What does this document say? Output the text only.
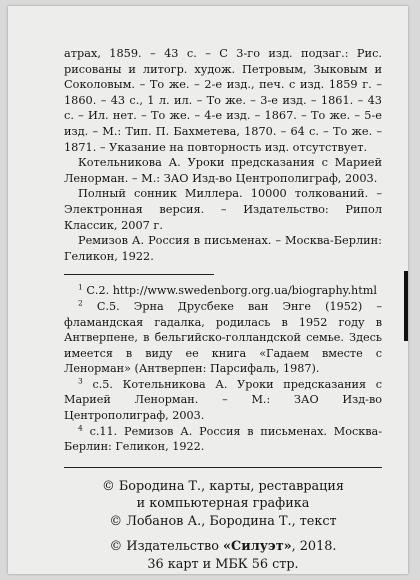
атрах, 1859. – 43 с. – С 3-го изд. подзаг.: Рис. рисованы и литогр. худож. Петровым, Зыковым и Соколовым. – То же. – 2-е изд., печ. с изд. 1859 г. – 1860. – 43 с., 1 л. ил. – То же. – 3-е изд. – 1861. – 43 с. – Ил. нет. – То же. – 4-е изд. – 1867. – То же. – 5-е изд. – М.: Тип. П. Бахметева, 1870. – 64 с. – То же. – 1871. – Указание на повторность изд. отсутствует.

Котельникова А. Уроки предсказания с Марией Ленорман. – М.: ЗАО Изд-во Центрополиграф, 2003.

Полный сонник Миллера. 10000 толкований. – Электронная версия. – Издательство: Рипол Классик, 2007 г.

Ремизов А. Россия в письменах. – Москва-Берлин: Геликон, 1922.

$^1$ С.2. http://www.swedenborg.org.ua/biography.html

$^2$ С.5. Эрна Друсбеке ван Энге (1952) – фламандская гадалка, родилась в 1952 году в Антверпене, в бельгийско-голландской семье. Здесь имеется в виду ее книга «Гадаем вместе с Ленорман» (Антверпен: Парсифаль, 1987).

$^3$ с.5. Котельникова А. Уроки предсказания с Марией Ленорман. – М.: ЗАО Изд-во Центрополиграф, 2003.

$^4$ с.11. Ремизов А. Россия в письменах. Москва-Берлин: Геликон, 1922.

© Бородина Т., карты, реставрация

и компьютерная графика

© Лобанов А., Бородина Т., текст

© Издательство «Силуэт», 2018.

36 карт и МБК 56 стр.
